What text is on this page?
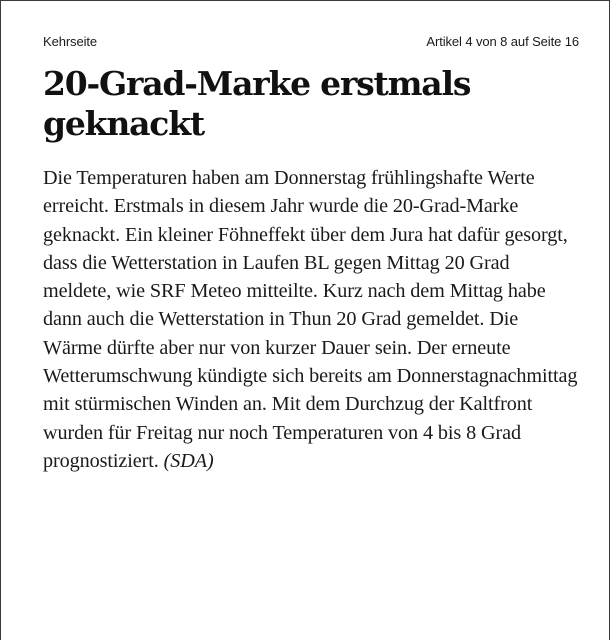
Kehrseite	Artikel 4 von 8 auf Seite 16
20-Grad-Marke erstmals geknackt

Die Temperaturen haben am Donnerstag frühlingshafte Werte erreicht. Erstmals in diesem Jahr wurde die 20-Grad-Marke geknackt. Ein kleiner Föhneffekt über dem Jura hat dafür gesorgt, dass die Wetterstation in Laufen BL gegen Mittag 20 Grad meldete, wie SRF Meteo mitteilte. Kurz nach dem Mittag habe dann auch die Wetterstation in Thun 20 Grad gemeldet. Die Wärme dürfte aber nur von kurzer Dauer sein. Der erneute Wetterumschwung kündigte sich bereits am Donnerstagnachmittag mit stürmischen Winden an. Mit dem Durchzug der Kaltfront wurden für Freitag nur noch Temperaturen von 4 bis 8 Grad prognostiziert. (SDA)
